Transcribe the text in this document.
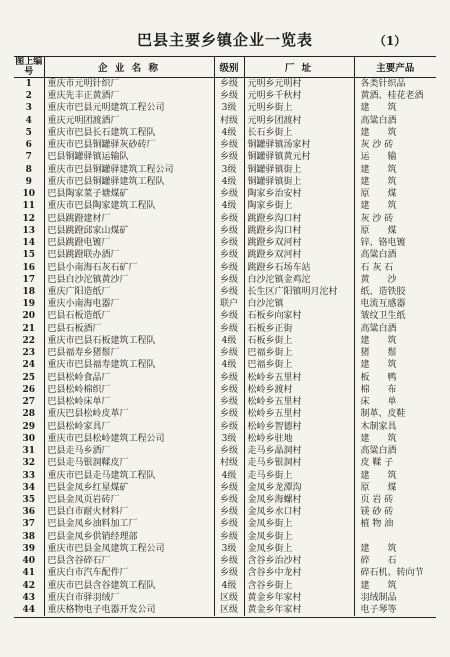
巴县主要乡镇企业一览表	（1）
图上编号	企 业 名 称	级别	厂 址	主要产品
1	重庆市元明针织厂	乡级	元明乡元明村	各类针织品
2	重庆先丰正黄酒厂	乡级	元明乡千秋村	黄酒、桂花老酒
3	重庆市巴县元明建筑工程公司	3级	元明乡街上	建　　筑
4	重庆元明团渡酒厂	村级	元明乡团渡村	高粱白酒
5	重庆市巴县长石建筑工程队	4级	长石乡街上	建　　筑
6	重庆市巴县铜罐驿灰砂砖厂	乡级	铜罐驿镇汤家村	灰 沙 砖
7	巴县铜罐驿镇运输队	乡级	铜罐驿镇黄元村	运　　输
8	重庆市巴县铜罐驿建筑工程公司	3级	铜罐驿镇街上	建　　筑
9	重庆市巴县铜罐驿建筑工程队	4级	铜罐驿镇街上	建　　筑
10	巴县陶家菜子塘煤矿	乡级	陶家乡治安村	原　　煤
11	重庆市巴县陶家建筑工程队	4级	陶家乡街上	建　　筑
12	巴县跳蹬建材厂	乡级	跳蹬乡沟口村	灰 沙 砖
13	巴县跳蹬邱家山煤矿	乡级	跳蹬乡沟口村	原　　煤
14	巴县跳蹬电镀厂	乡级	跳蹬乡双河村	锌、铬电镀
15	巴县跳蹬联办酒厂	乡级	跳蹬乡双河村	高粱白酒
16	巴县小南海石灰石矿厂	乡级	跳蹬乡石场车站	石 灰 石
17	巴县白沙沱镇黄沙厂	乡级	白沙沱镇金鸡沱	黄　　沙
18	重庆广阳造纸厂	乡级	长生区广阳镇明月沱村	纸、造铁胶
19	重庆小南海电器厂	联户	白沙沱镇	电流互感器
20	巴县石板造纸厂	乡级	石板乡向家村	皱纹卫生纸
21	巴县石板酒厂	乡级	石板乡正街	高粱白酒
22	重庆市巴县石板建筑工程队	4级	石板乡街上	建　　筑
23	巴县福寿乡猪鬃厂	乡级	巴福乡街上	猪　　鬃
24	重庆市巴县福寿建筑工程队	4级	巴福乡街上	建　　筑
25	巴县松岭食品厂	乡级	松岭乡五里村	板　　鸭
26	巴县松岭棉织厂	乡级	松岭乡渡村	棉　　布
27	巴县松岭床单厂	乡级	松岭乡五里村	床　　单
28	重庆巴县松岭皮革厂	乡级	松岭乡五里村	制革、皮鞋
29	巴县松岭家具厂	乡级	松岭乡智德村	木制家具
30	重庆市巴县松岭建筑工程公司	3级	松岭乡驻地	建　　筑
31	巴县走马乡酒厂	乡级	走马乡晶洞村	高粱白酒
32	巴县走马银洞鞣皮厂	村级	走马乡银洞村	皮 鞣 子
33	重庆市巴县走马建筑工程队	4级	走马乡街上	建　　筑
34	巴县金凤乡红星煤矿	乡级	金凤乡龙潭沟	原　　煤
35	巴县金凤页岩砖厂	乡级	金凤乡海螺村	页 岩 砖
36	巴县白市耐火材料厂	乡级	金凤乡水口村	镁 砂 砖
37	巴县金凤乡油料加工厂	乡级	金凤乡街上	植 物 油
38	巴县金凤乡供销经理部	乡级	金凤乡街上	
39	重庆市巴县金凤建筑工程公司	3级	金凤乡街上	建　　筑
40	巴县含谷碎石厂	乡级	含谷乡治沙村	碎　　石
41	重庆白市汽车配件厂	乡级	含谷乡中龙村	碎石机、转向节
42	重庆市巴县含谷建筑工程队	4级	含谷乡街上	建　　筑
43	重庆白市驿羽绒厂	区级	黄金乡年家村	羽绒制品
44	重庆格物电子电器开发公司	区级	黄金乡年家村	电子琴等
